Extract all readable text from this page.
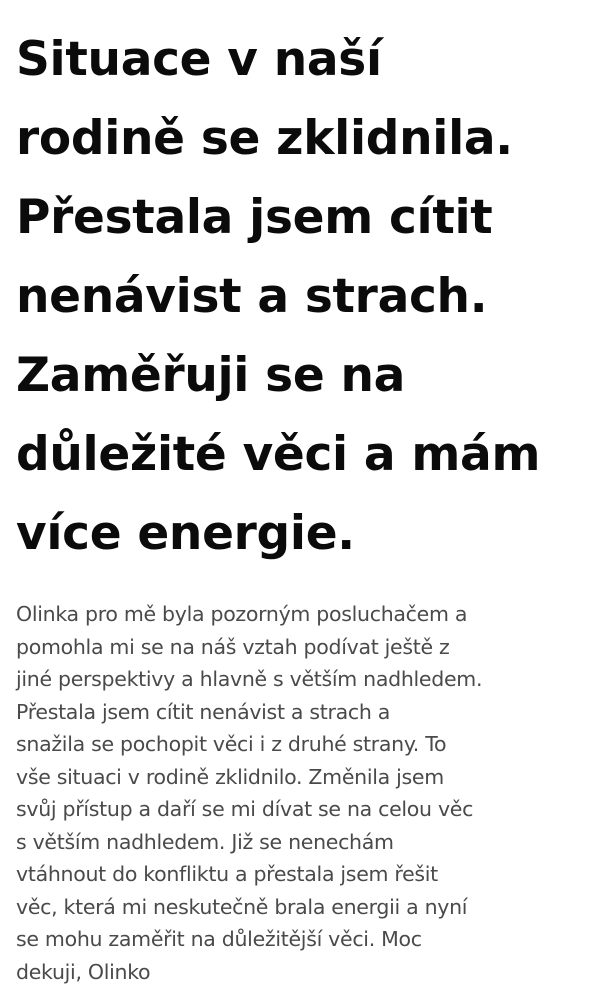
Situace v naší
rodině se zklidnila.
Přestala jsem cítit
nenávist a strach.
Zaměřuji se na
důležité věci a mám
více energie.

Olinka pro mě byla pozorným posluchačem a
pomohla mi se na náš vztah podívat ještě z
jiné perspektivy a hlavně s větším nadhledem.
Přestala jsem cítit nenávist a strach a
snažila se pochopit věci i z druhé strany. To
vše situaci v rodině zklidnilo. Změnila jsem
svůj přístup a daří se mi dívat se na celou věc
s větším nadhledem. Již se nenechám
vtáhnout do konfliktu a přestala jsem řešit
věc, která mi neskutečně brala energii a nyní
se mohu zaměřit na důležitější věci. Moc
dekuji, Olinko
